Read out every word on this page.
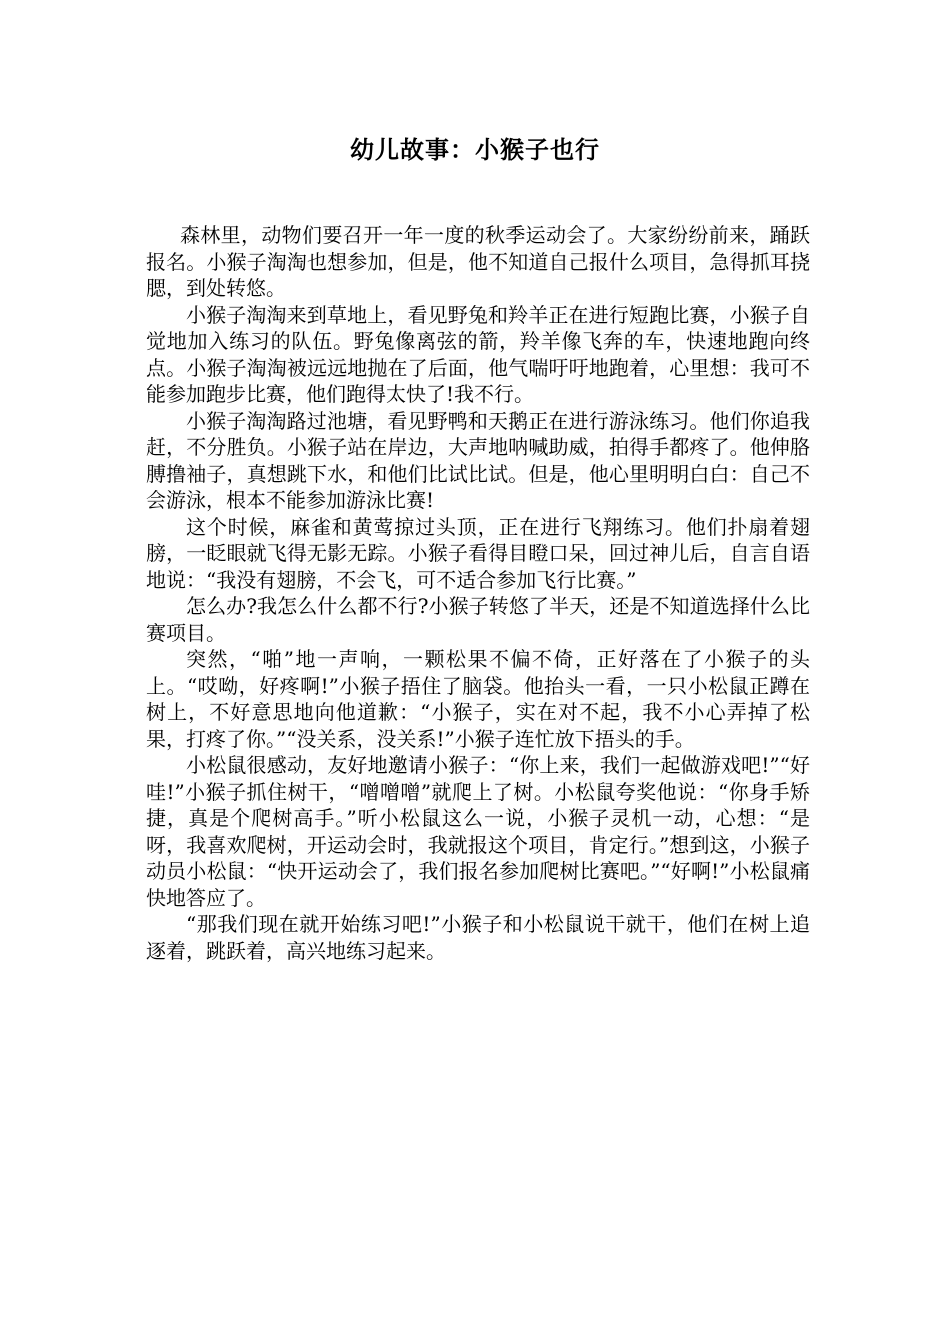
幼儿故事：小猴子也行

森林里，动物们要召开一年一度的秋季运动会了。大家纷纷前来，踊跃报名。小猴子淘淘也想参加，但是，他不知道自己报什么项目，急得抓耳挠腮，到处转悠。

小猴子淘淘来到草地上，看见野兔和羚羊正在进行短跑比赛，小猴子自觉地加入练习的队伍。野兔像离弦的箭，羚羊像飞奔的车，快速地跑向终点。小猴子淘淘被远远地抛在了后面，他气喘吁吁地跑着，心里想：我可不能参加跑步比赛，他们跑得太快了!我不行。

小猴子淘淘路过池塘，看见野鸭和天鹅正在进行游泳练习。他们你追我赶，不分胜负。小猴子站在岸边，大声地呐喊助威，拍得手都疼了。他伸胳膊撸袖子，真想跳下水，和他们比试比试。但是，他心里明明白白：自己不会游泳，根本不能参加游泳比赛!

这个时候，麻雀和黄莺掠过头顶，正在进行飞翔练习。他们扑扇着翅膀，一眨眼就飞得无影无踪。小猴子看得目瞪口呆，回过神儿后，自言自语地说：“我没有翅膀，不会飞，可不适合参加飞行比赛。”

怎么办?我怎么什么都不行?小猴子转悠了半天，还是不知道选择什么比赛项目。

突然，“啪”地一声响，一颗松果不偏不倚，正好落在了小猴子的头上。“哎呦，好疼啊!”小猴子捂住了脑袋。他抬头一看，一只小松鼠正蹲在树上，不好意思地向他道歉：“小猴子，实在对不起，我不小心弄掉了松果，打疼了你。”“没关系，没关系!”小猴子连忙放下捂头的手。

小松鼠很感动，友好地邀请小猴子：“你上来，我们一起做游戏吧!”“好哇!”小猴子抓住树干，“噌噌噌”就爬上了树。小松鼠夸奖他说：“你身手矫捷，真是个爬树高手。”听小松鼠这么一说，小猴子灵机一动，心想：“是呀，我喜欢爬树，开运动会时，我就报这个项目，肯定行。”想到这，小猴子动员小松鼠：“快开运动会了，我们报名参加爬树比赛吧。”“好啊!”小松鼠痛快地答应了。

“那我们现在就开始练习吧!”小猴子和小松鼠说干就干，他们在树上追逐着，跳跃着，高兴地练习起来。
